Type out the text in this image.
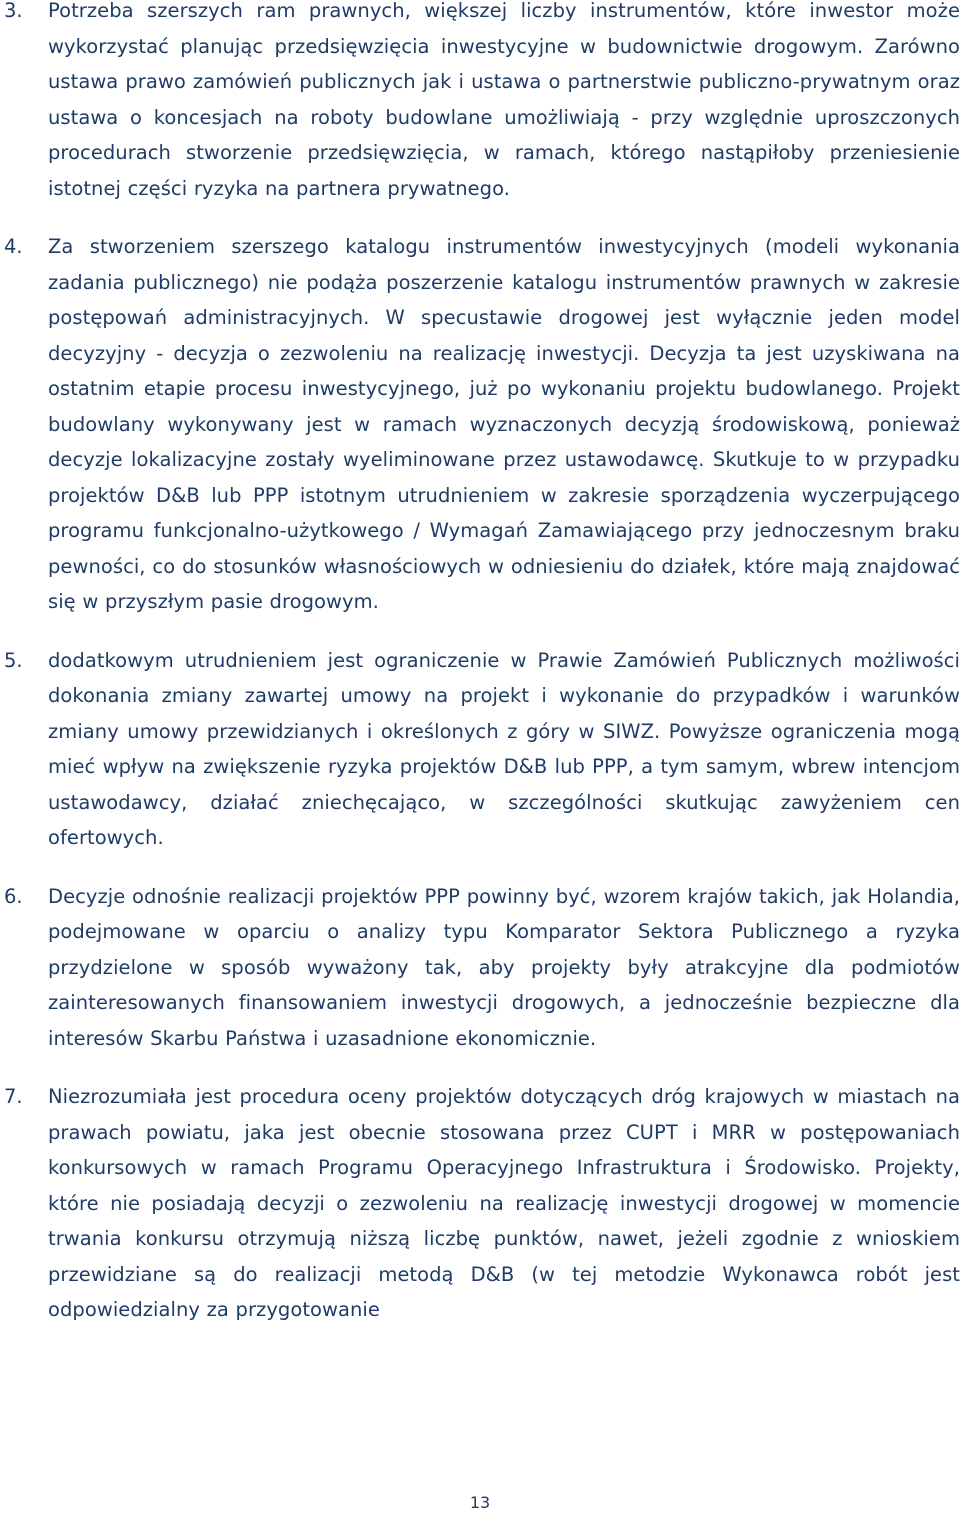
3. Potrzeba szerszych ram prawnych, większej liczby instrumentów, które inwestor może wykorzystać planując przedsięwzięcia inwestycyjne w budownictwie drogowym. Zarówno ustawa prawo zamówień publicznych jak i ustawa o partnerstwie publiczno-prywatnym oraz ustawa o koncesjach na roboty budowlane umożliwiają - przy względnie uproszczonych procedurach stworzenie przedsięwzięcia, w ramach, którego nastąpiłoby przeniesienie istotnej części ryzyka na partnera prywatnego.
4. Za stworzeniem szerszego katalogu instrumentów inwestycyjnych (modeli wykonania zadania publicznego) nie podąża poszerzenie katalogu instrumentów prawnych w zakresie postępowań administracyjnych. W specustawie drogowej jest wyłącznie jeden model decyzyjny - decyzja o zezwoleniu na realizację inwestycji. Decyzja ta jest uzyskiwana na ostatnim etapie procesu inwestycyjnego, już po wykonaniu projektu budowlanego. Projekt budowlany wykonywany jest w ramach wyznaczonych decyzją środowiskową, ponieważ decyzje lokalizacyjne zostały wyeliminowane przez ustawodawcę. Skutkuje to w przypadku projektów D&B lub PPP istotnym utrudnieniem w zakresie sporządzenia wyczerpującego programu funkcjonalno-użytkowego / Wymagań Zamawiającego przy jednoczesnym braku pewności, co do stosunków własnościowych w odniesieniu do działek, które mają znajdować się w przyszłym pasie drogowym.
5. dodatkowym utrudnieniem jest ograniczenie w Prawie Zamówień Publicznych możliwości dokonania zmiany zawartej umowy na projekt i wykonanie do przypadków i warunków zmiany umowy przewidzianych i określonych z góry w SIWZ. Powyższe ograniczenia mogą mieć wpływ na zwiększenie ryzyka projektów D&B lub PPP, a tym samym, wbrew intencjom ustawodawcy, działać zniechęcająco, w szczególności skutkując zawyżeniem cen ofertowych.
6. Decyzje odnośnie realizacji projektów PPP powinny być, wzorem krajów takich, jak Holandia, podejmowane w oparciu o analizy typu Komparator Sektora Publicznego a ryzyka przydzielone w sposób wyważony tak, aby projekty były atrakcyjne dla podmiotów zainteresowanych finansowaniem inwestycji drogowych, a jednocześnie bezpieczne dla interesów Skarbu Państwa i uzasadnione ekonomicznie.
7. Niezrozumiała jest procedura oceny projektów dotyczących dróg krajowych w miastach na prawach powiatu, jaka jest obecnie stosowana przez CUPT i MRR w postępowaniach konkursowych w ramach Programu Operacyjnego Infrastruktura i Środowisko. Projekty, które nie posiadają decyzji o zezwoleniu na realizację inwestycji drogowej w momencie trwania konkursu otrzymują niższą liczbę punktów, nawet, jeżeli zgodnie z wnioskiem przewidziane są do realizacji metodą D&B (w tej metodzie Wykonawca robót jest odpowiedzialny za przygotowanie
13
